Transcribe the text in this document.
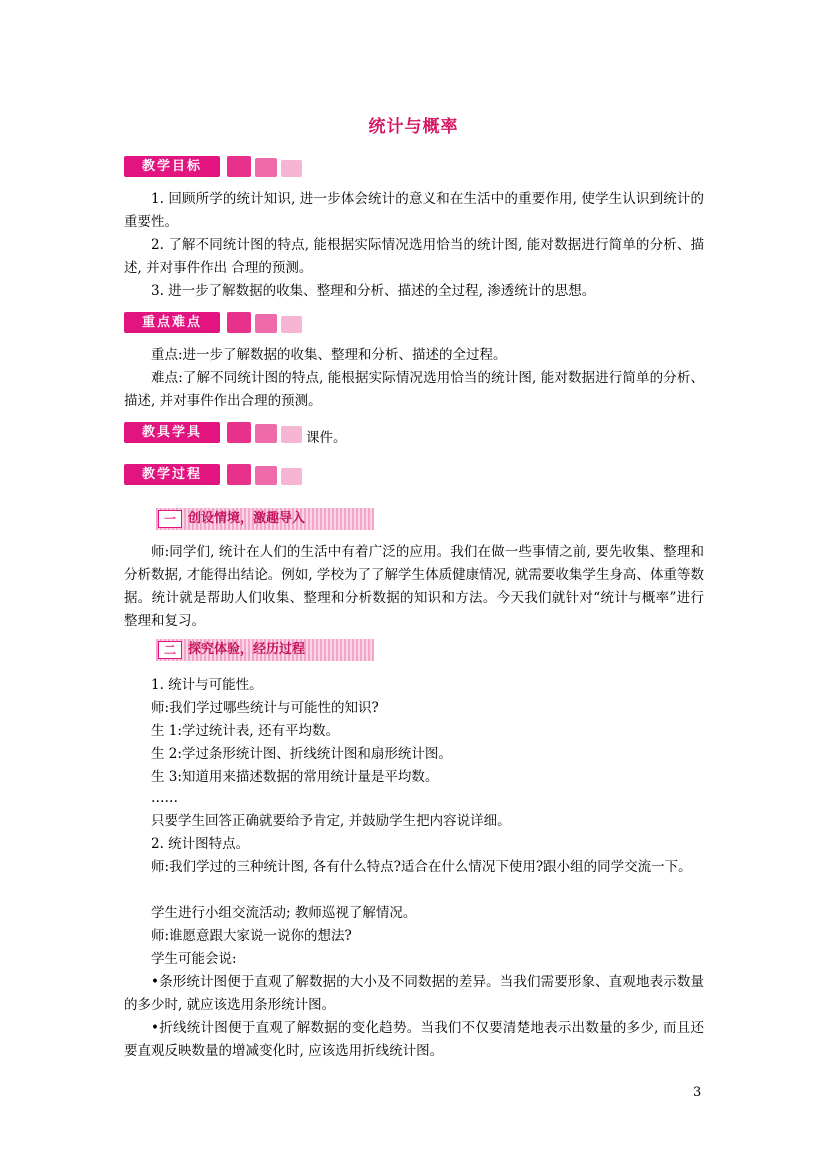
统计与概率
教学目标
1. 回顾所学的统计知识, 进一步体会统计的意义和在生活中的重要作用, 使学生认识到统计的重要性。
2. 了解不同统计图的特点, 能根据实际情况选用恰当的统计图, 能对数据进行简单的分析、描述, 并对事件作出 合理的预测。
3. 进一步了解数据的收集、整理和分析、描述的全过程, 渗透统计的思想。
重点难点
重点:进一步了解数据的收集、整理和分析、描述的全过程。
难点:了解不同统计图的特点, 能根据实际情况选用恰当的统计图, 能对数据进行简单的分析、描述, 并对事件作出合理的预测。
教具学具	课件。
教学过程
一 创设情境，激趣导入
师:同学们, 统计在人们的生活中有着广泛的应用。我们在做一些事情之前, 要先收集、整理和分析数据, 才能得出结论。例如, 学校为了了解学生体质健康情况, 就需要收集学生身高、体重等数据。统计就是帮助人们收集、整理和分析数据的知识和方法。今天我们就针对“统计与概率”进行整理和复习。
二 探究体验，经历过程
1. 统计与可能性。
师:我们学过哪些统计与可能性的知识?
生 1:学过统计表, 还有平均数。
生 2:学过条形统计图、折线统计图和扇形统计图。
生 3:知道用来描述数据的常用统计量是平均数。
……
只要学生回答正确就要给予肯定, 并鼓励学生把内容说详细。
2. 统计图特点。
师:我们学过的三种统计图, 各有什么特点?适合在什么情况下使用?跟小组的同学交流一下。
学生进行小组交流活动; 教师巡视了解情况。
师:谁愿意跟大家说一说你的想法?
学生可能会说:
•条形统计图便于直观了解数据的大小及不同数据的差异。当我们需要形象、直观地表示数量的多少时, 就应该选用条形统计图。
•折线统计图便于直观了解数据的变化趋势。当我们不仅要清楚地表示出数量的多少, 而且还要直观反映数量的增减变化时, 应该选用折线统计图。
3
